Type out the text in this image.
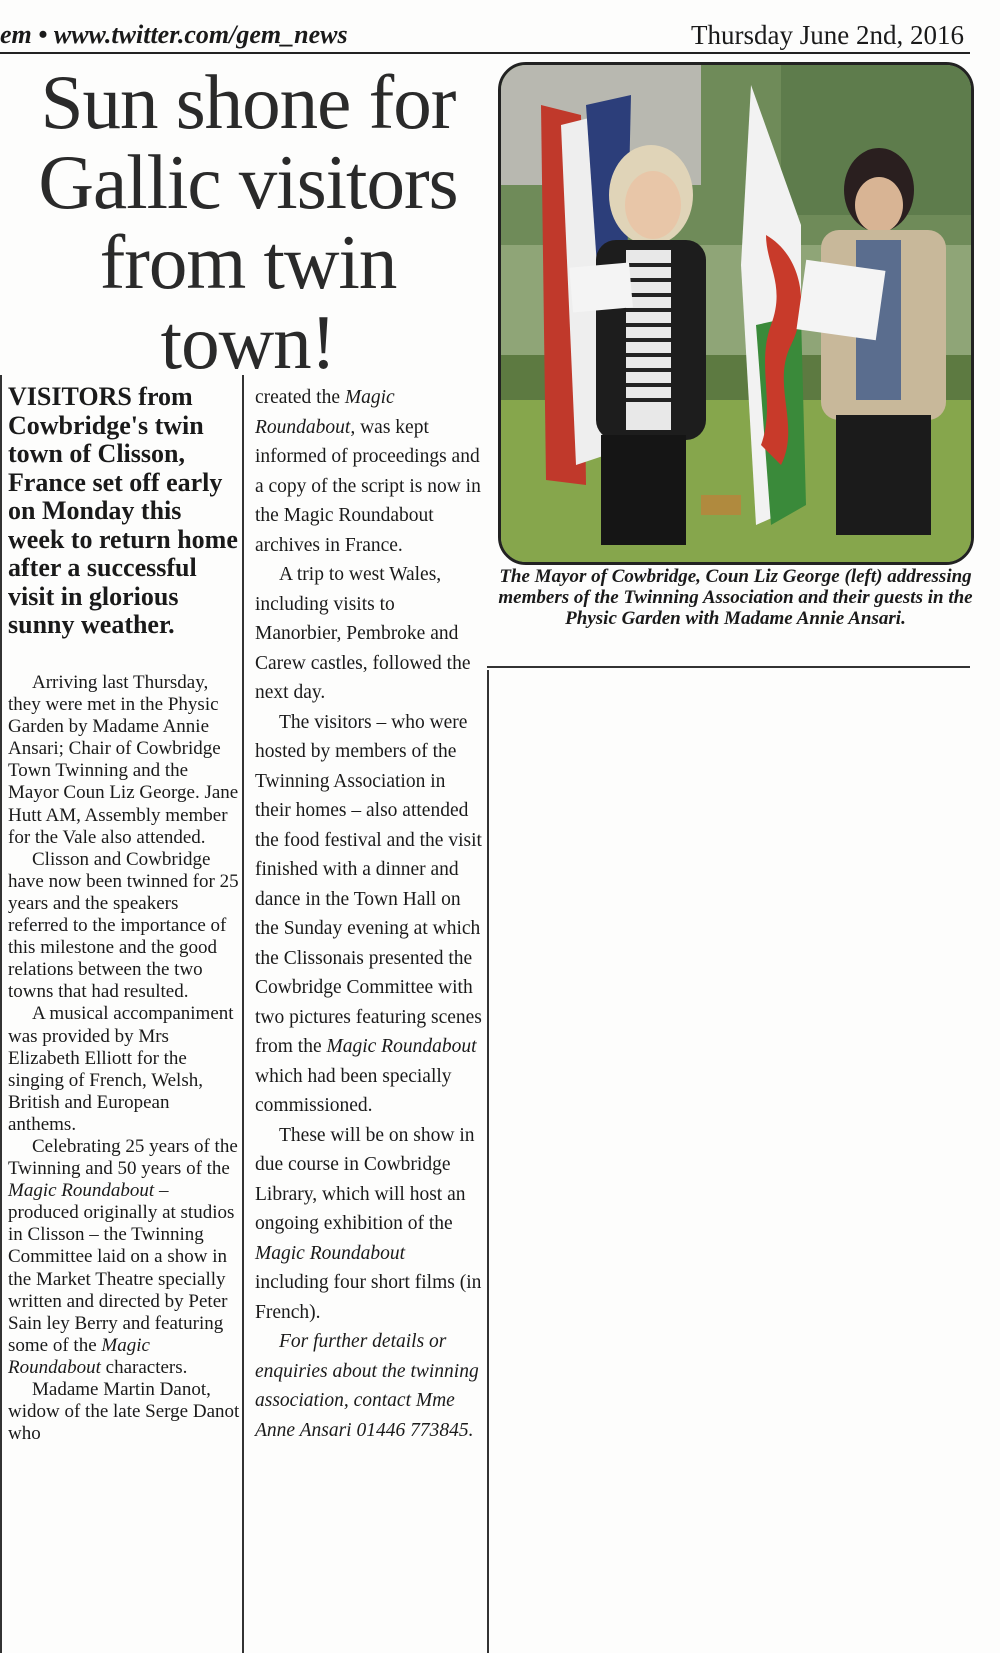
em • www.twitter.com/gem_news	Thursday June 2nd, 2016
Sun shone for Gallic visitors from twin town!
VISITORS from Cowbridge's twin town of Clisson, France set off early on Monday this week to return home after a successful visit in glorious sunny weather.

Arriving last Thursday, they were met in the Physic Garden by Madame Annie Ansari; Chair of Cowbridge Town Twinning and the Mayor Coun Liz George. Jane Hutt AM, Assembly member for the Vale also attended.

Clisson and Cowbridge have now been twinned for 25 years and the speakers referred to the importance of this milestone and the good relations between the two towns that had resulted.

A musical accompaniment was provided by Mrs Elizabeth Elliott for the singing of French, Welsh, British and European anthems.

Celebrating 25 years of the Twinning and 50 years of the Magic Roundabout – produced originally at studios in Clisson – the Twinning Committee laid on a show in the Market Theatre specially written and directed by Peter Sain ley Berry and featuring some of the Magic Roundabout characters.

Madame Martin Danot, widow of the late Serge Danot who

created the Magic Roundabout, was kept informed of proceedings and a copy of the script is now in the Magic Roundabout archives in France.

A trip to west Wales, including visits to Manorbier, Pembroke and Carew castles, followed the next day.

The visitors – who were hosted by members of the Twinning Association in their homes – also attended the food festival and the visit finished with a dinner and dance in the Town Hall on the Sunday evening at which the Clissonais presented the Cowbridge Committee with two pictures featuring scenes from the Magic Roundabout which had been specially commissioned.

These will be on show in due course in Cowbridge Library, which will host an ongoing exhibition of the Magic Roundabout including four short films (in French).

For further details or enquiries about the twinning association, contact Mme Anne Ansari 01446 773845.

The Mayor of Cowbridge, Coun Liz George (left) addressing members of the Twinning Association and their guests in the Physic Garden with Madame Annie Ansari.
